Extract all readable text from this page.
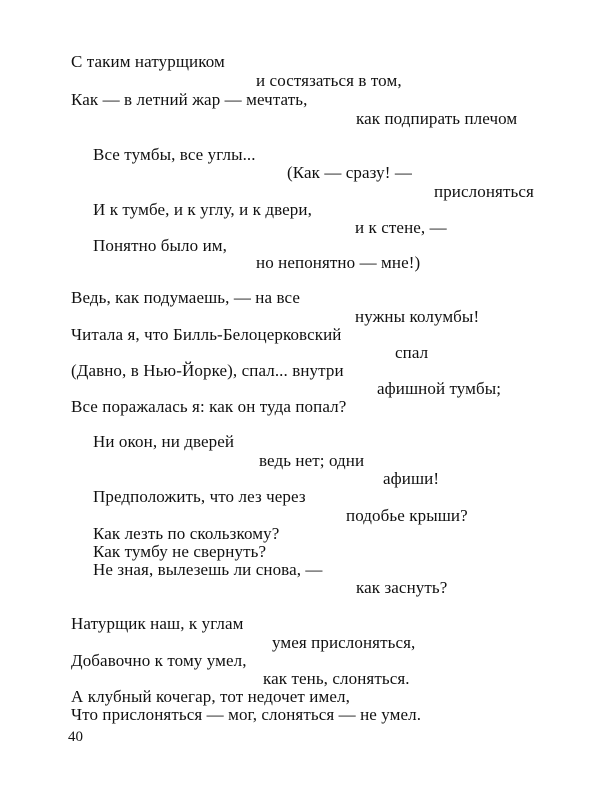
С таким натурщиком
и состязаться в том,
Как — в летний жар — мечтать,
как подпирать плечом
Все тумбы, все углы...
(Как — сразу! —
прислоняться
И к тумбе, и к углу, и к двери,
и к стене, —
Понятно было им,
но непонятно — мне!)
Ведь, как подумаешь, — на все
нужны колумбы!
Читала я, что Билль-Белоцерковский
спал
(Давно, в Нью-Йорке), спал... внутри
афишной тумбы;
Все поражалась я: как он туда попал?
Ни окон, ни дверей
ведь нет; одни
афиши!
Предположить, что лез через
подобье крыши?
Как лезть по скользкому?
Как тумбу не свернуть?
Не зная, вылезешь ли снова, —
как заснуть?
Натурщик наш, к углам
умея прислоняться,
Добавочно к тому умел,
как тень, слоняться.
А клубный кочегар, тот недочет имел,
Что прислоняться — мог, слоняться — не умел.
40
